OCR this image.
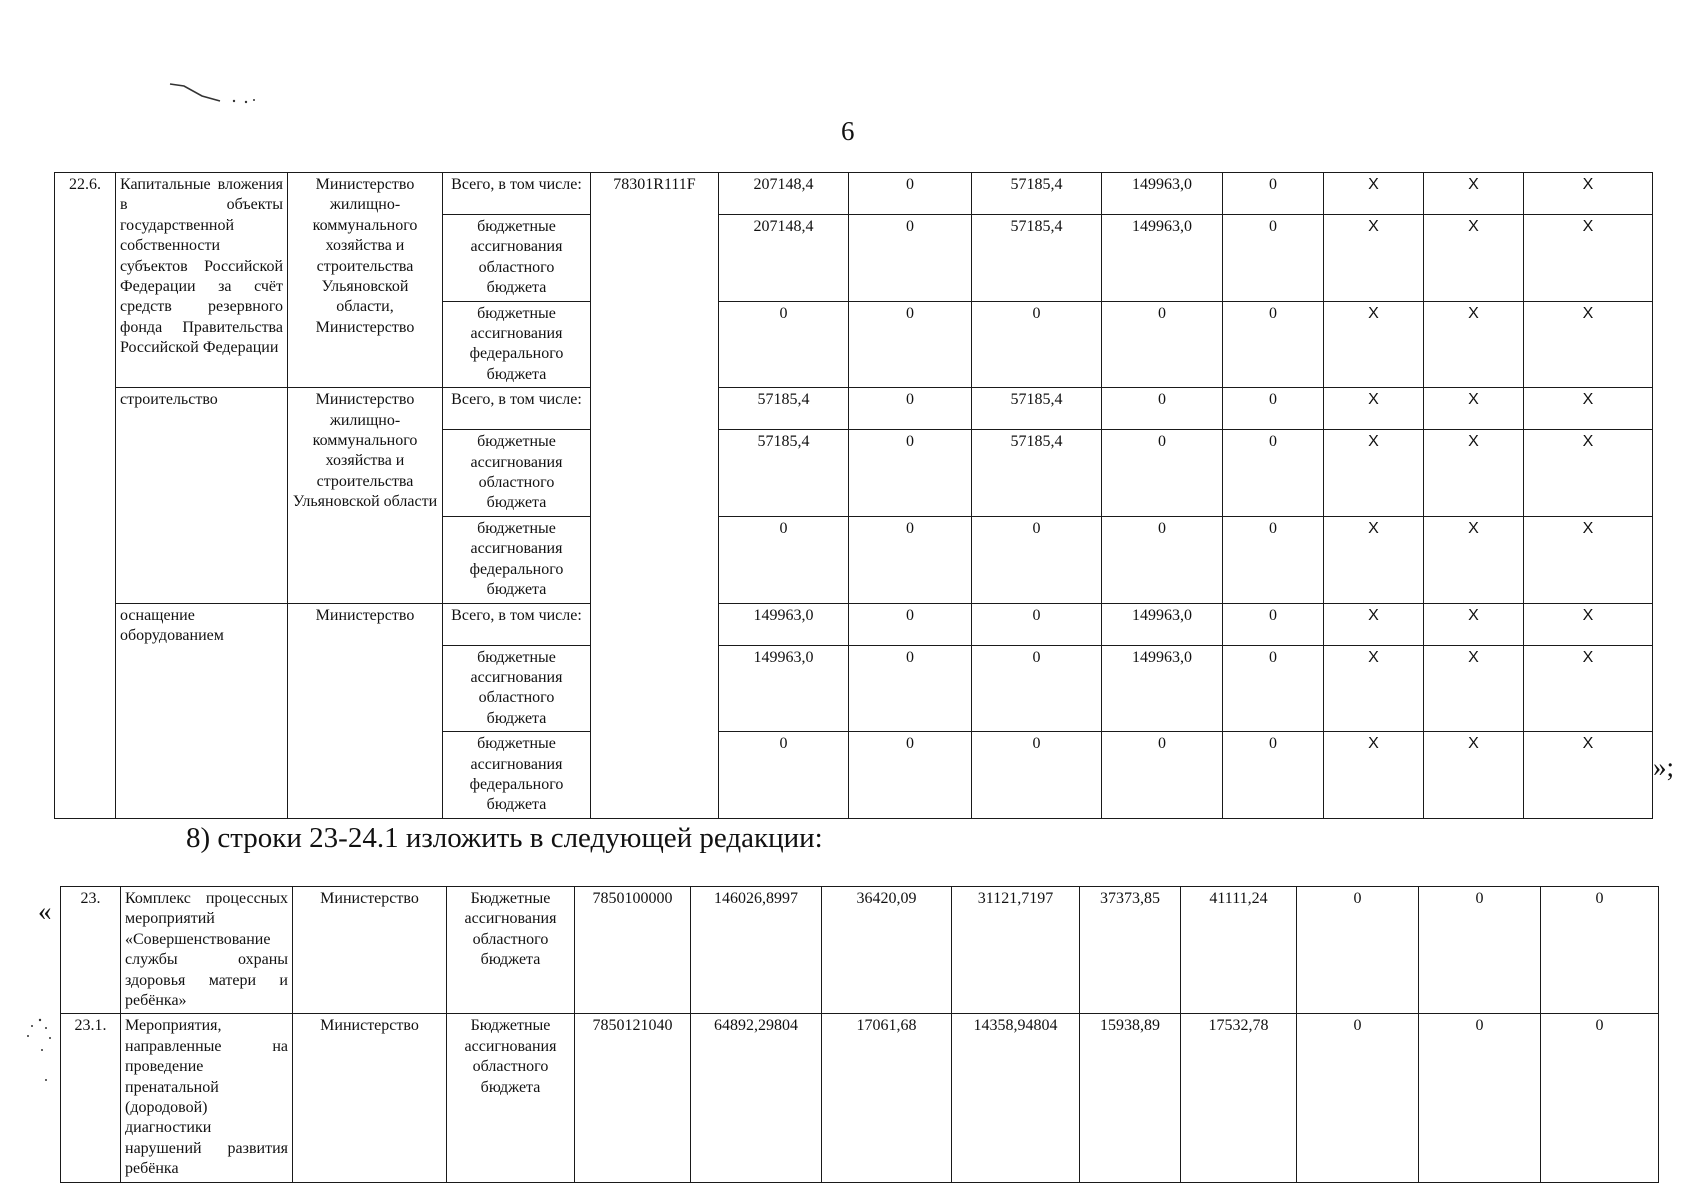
6
22.6.	Капитальные вложения в объекты государственной собственности субъектов Российской Федерации за счёт средств резервного фонда Правительства Российской Федерации	Министерство жилищно-коммунального хозяйства и строительства Ульяновской области, Министерство	Всего, в том числе:	78301R111F	207148,4	0	57185,4	149963,0	0	Х	Х	Х
			бюджетные ассигнования областного бюджета		207148,4	0	57185,4	149963,0	0	Х	Х	Х
			бюджетные ассигнования федерального бюджета		0	0	0	0	0	Х	Х	Х
	строительство	Министерство жилищно-коммунального хозяйства и строительства Ульяновской области	Всего, в том числе:		57185,4	0	57185,4	0	0	Х	Х	Х
			бюджетные ассигнования областного бюджета		57185,4	0	57185,4	0	0	Х	Х	Х
			бюджетные ассигнования федерального бюджета		0	0	0	0	0	Х	Х	Х
	оснащение оборудованием	Министерство	Всего, в том числе:		149963,0	0	0	149963,0	0	Х	Х	Х
			бюджетные ассигнования областного бюджета		149963,0	0	0	149963,0	0	Х	Х	Х
			бюджетные ассигнования федерального бюджета		0	0	0	0	0	Х	Х	Х
»;
8) строки 23-24.1 изложить в следующей редакции:
« 23.	Комплекс процессных мероприятий «Совершенствование службы охраны здоровья матери и ребёнка»	Министерство	Бюджетные ассигнования областного бюджета	7850100000	146026,8997	36420,09	31121,7197	37373,85	41111,24	0	0	0
23.1.	Мероприятия, направленные на проведение пренатальной (дородовой) диагностики нарушений развития ребёнка	Министерство	Бюджетные ассигнования областного бюджета	7850121040	64892,29804	17061,68	14358,94804	15938,89	17532,78	0	0	0
